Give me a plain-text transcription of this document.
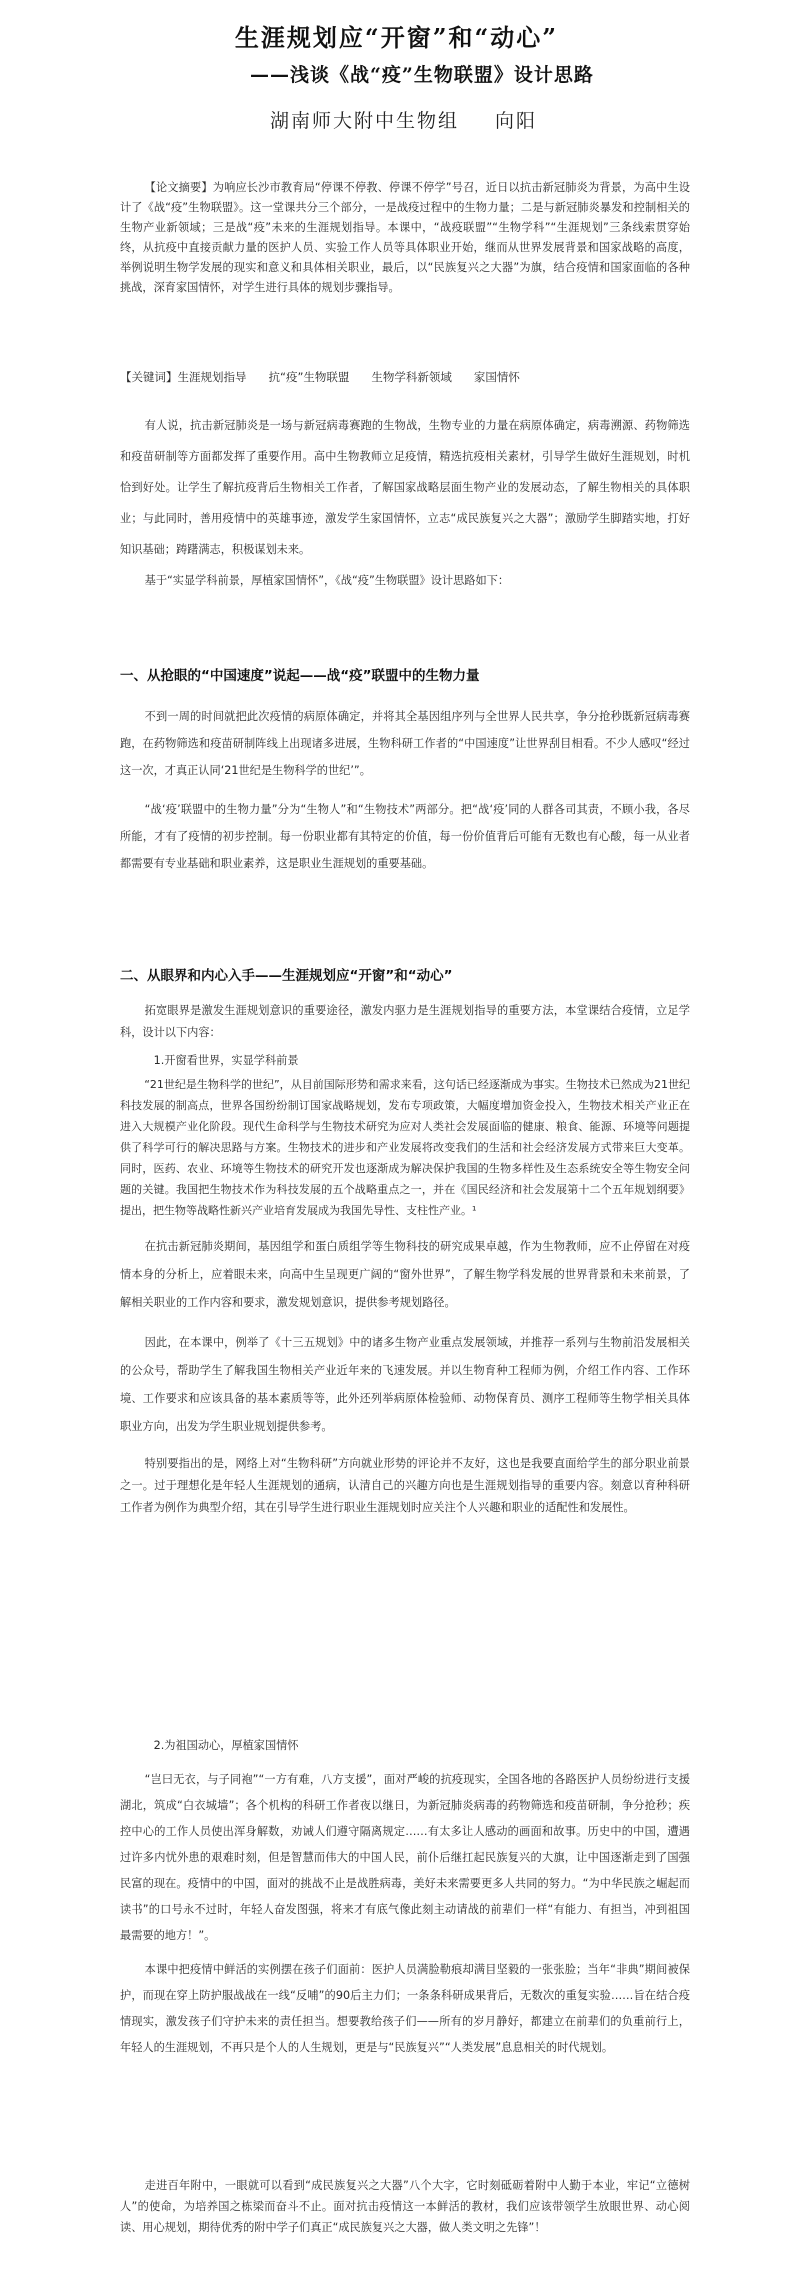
生涯规划应“开窗”和“动心”
——浅谈《战“疫”生物联盟》设计思路
湖南师大附中生物组 向阳

【论文摘要】为响应长沙市教育局“停课不停教、停课不停学”号召，近日以抗击新冠肺炎为背景，为高中生设计了《战“疫”生物联盟》。这一堂课共分三个部分，一是战疫过程中的生物力量；二是与新冠肺炎暴发和控制相关的生物产业新领域；三是战“疫”未来的生涯规划指导。本课中，“战疫联盟”“生物学科”“生涯规划”三条线索贯穿始终，从抗疫中直接贡献力量的医护人员、实验工作人员等具体职业开始，继而从世界发展背景和国家战略的高度，举例说明生物学发展的现实和意义和具体相关职业，最后，以“民族复兴之大器”为旗，结合疫情和国家面临的各种挑战，深育家国情怀，对学生进行具体的规划步骤指导。

【关键词】生涯规划指导 抗“疫”生物联盟 生物学科新领域 家国情怀

有人说，抗击新冠肺炎是一场与新冠病毒赛跑的生物战，生物专业的力量在病原体确定，病毒溯源、药物筛选和疫苗研制等方面都发挥了重要作用。高中生物教师立足疫情，精选抗疫相关素材，引导学生做好生涯规划，时机恰到好处。让学生了解抗疫背后生物相关工作者，了解国家战略层面生物产业的发展动态，了解生物相关的具体职业；与此同时，善用疫情中的英雄事迹，激发学生家国情怀，立志“成民族复兴之大器”；激励学生脚踏实地，打好知识基础；踌躇满志，积极谋划未来。

基于“实显学科前景，厚植家国情怀”，《战“疫”生物联盟》设计思路如下：

一、从抢眼的“中国速度”说起——战“疫”联盟中的生物力量

不到一周的时间就把此次疫情的病原体确定，并将其全基因组序列与全世界人民共享，争分抢秒既新冠病毒赛跑，在药物筛选和疫苗研制阵线上出现诸多进展，生物科研工作者的“中国速度”让世界刮目相看。不少人感叹“经过这一次，才真正认同‘21世纪是生物科学的世纪’”。

“战‘疫’联盟中的生物力量”分为“生物人”和“生物技术”两部分。把“战‘疫’同的人群各司其责，不顾小我，各尽所能，才有了疫情的初步控制。每一份职业都有其特定的价值，每一份价值背后可能有无数也有心酸，每一从业者都需要有专业基础和职业素养，这是职业生涯规划的重要基础。

二、从眼界和内心入手——生涯规划应“开窗”和“动心”

拓宽眼界是激发生涯规划意识的重要途径，激发内驱力是生涯规划指导的重要方法，本堂课结合疫情，立足学科，设计以下内容：

1.开窗看世界，实显学科前景

“21世纪是生物科学的世纪”，从目前国际形势和需求来看，这句话已经逐渐成为事实。生物技术已然成为21世纪科技发展的制高点，世界各国纷纷制订国家战略规划，发布专项政策，大幅度增加资金投入，生物技术相关产业正在进入大规模产业化阶段。现代生命科学与生物技术研究为应对人类社会发展面临的健康、粮食、能源、环境等问题提供了科学可行的解决思路与方案。生物技术的进步和产业发展将改变我们的生活和社会经济发展方式带来巨大变革。同时，医药、农业、环境等生物技术的研究开发也逐渐成为解决保护我国的生物多样性及生态系统安全等生物安全问题的关键。我国把生物技术作为科技发展的五个战略重点之一，并在《国民经济和社会发展第十二个五年规划纲要》提出，把生物等战略性新兴产业培育发展成为我国先导性、支柱性产业。¹

在抗击新冠肺炎期间，基因组学和蛋白质组学等生物科技的研究成果卓越，作为生物教师，应不止停留在对疫情本身的分析上，应着眼未来，向高中生呈现更广阔的“窗外世界”，了解生物学科发展的世界背景和未来前景，了解相关职业的工作内容和要求，激发规划意识，提供参考规划路径。

因此，在本课中，例举了《十三五规划》中的诸多生物产业重点发展领域，并推荐一系列与生物前沿发展相关的公众号，帮助学生了解我国生物相关产业近年来的飞速发展。并以生物育种工程师为例，介绍工作内容、工作环境、工作要求和应该具备的基本素质等等，此外还列举病原体检验师、动物保育员、测序工程师等生物学相关具体职业方向，出发为学生职业规划提供参考。

特别要指出的是，网络上对“生物科研”方向就业形势的评论并不友好，这也是我要直面给学生的部分职业前景之一。过于理想化是年轻人生涯规划的通病，认清自己的兴趣方向也是生涯规划指导的重要内容。刻意以育种科研工作者为例作为典型介绍，其在引导学生进行职业生涯规划时应关注个人兴趣和职业的适配性和发展性。

2.为祖国动心，厚植家国情怀

“岂曰无衣，与子同袍”“一方有难，八方支援”，面对严峻的抗疫现实，全国各地的各路医护人员纷纷进行支援湖北，筑成“白衣城墙”；各个机构的科研工作者夜以继日，为新冠肺炎病毒的药物筛选和疫苗研制，争分抢秒；疾控中心的工作人员使出浑身解数，劝诫人们遵守隔离规定……有太多让人感动的画面和故事。历史中的中国，遭遇过许多内忧外患的艰难时刻，但是智慧而伟大的中国人民，前仆后继扛起民族复兴的大旗，让中国逐渐走到了国强民富的现在。疫情中的中国，面对的挑战不止是战胜病毒，美好未来需要更多人共同的努力。“为中华民族之崛起而读书”的口号永不过时，年轻人奋发图强，将来才有底气像此刻主动请战的前辈们一样“有能力、有担当，冲到祖国最需要的地方！”。

本课中把疫情中鲜活的实例摆在孩子们面前：医护人员满脸勒痕却满目坚毅的一张张脸；当年“非典”期间被保护，而现在穿上防护服战战在一线“反哺”的90后主力们；一条条科研成果背后，无数次的重复实验……旨在结合疫情现实，激发孩子们守护未来的责任担当。想要教给孩子们——所有的岁月静好，都建立在前辈们的负重前行上，年轻人的生涯规划，不再只是个人的人生规划，更是与“民族复兴”“人类发展”息息相关的时代规划。

走进百年附中，一眼就可以看到“成民族复兴之大器”八个大字，它时刻砥砺着附中人勤于本业，牢记“立德树人”的使命，为培养国之栋梁而奋斗不止。面对抗击疫情这一本鲜活的教材，我们应该带领学生放眼世界、动心阅读、用心规划，期待优秀的附中学子们真正“成民族复兴之大器，做人类文明之先锋”！
